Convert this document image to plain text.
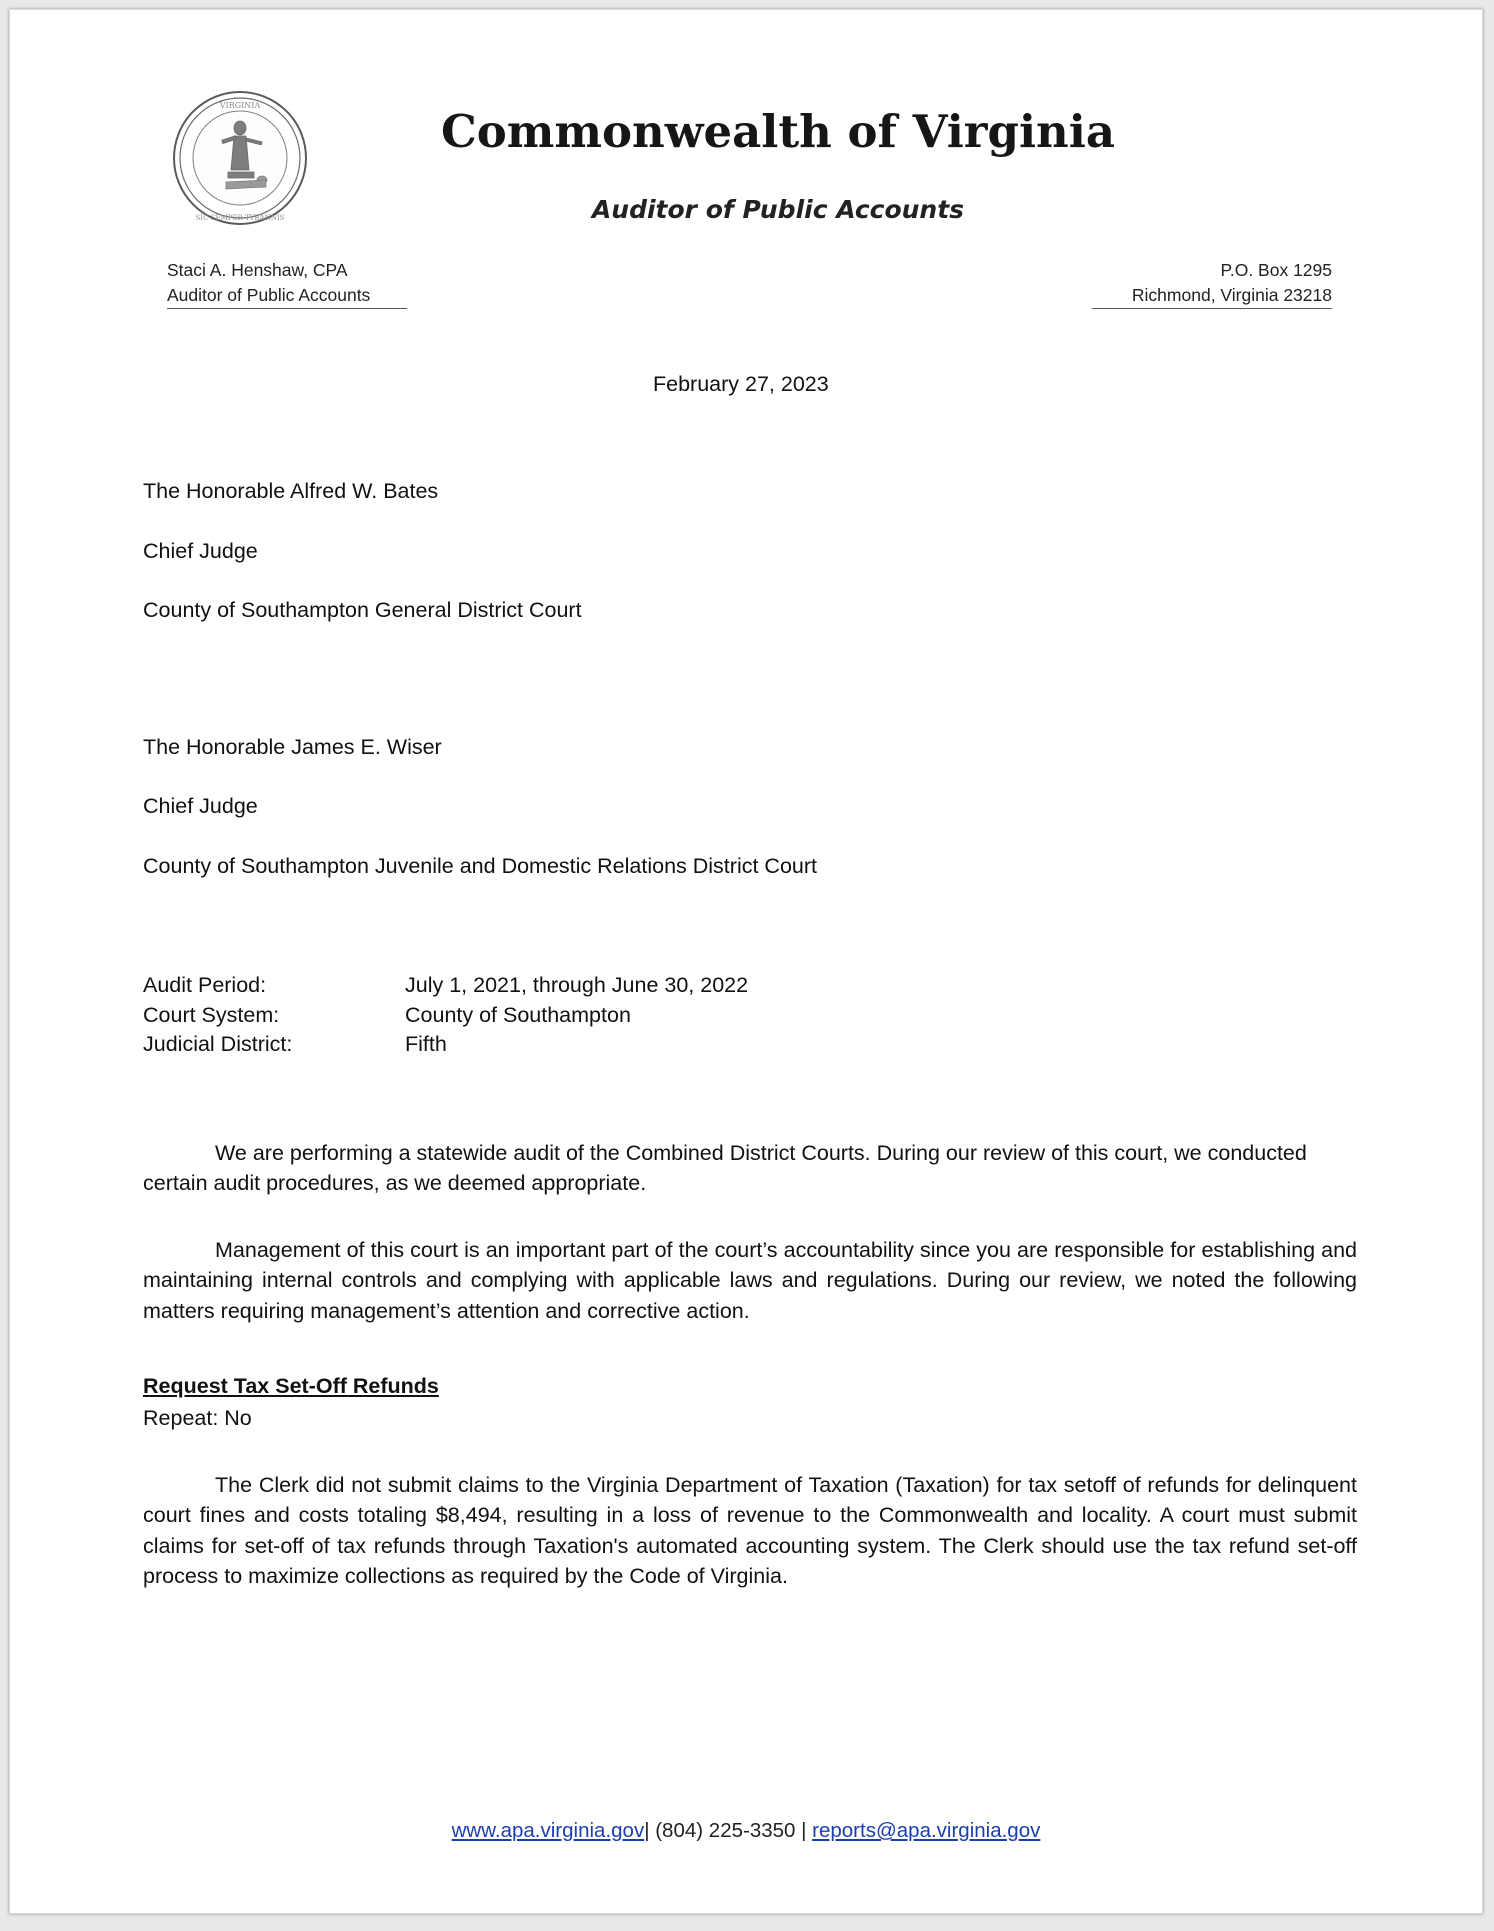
VIRGINIA
SIC SEMPER TYRANNIS
Commonwealth of Virginia
Auditor of Public Accounts
Staci A. Henshaw, CPA
Auditor of Public Accounts
P.O. Box 1295
Richmond, Virginia 23218
February 27, 2023

The Honorable Alfred W. Bates

Chief Judge

County of Southampton General District Court

The Honorable James E. Wiser

Chief Judge

County of Southampton Juvenile and Domestic Relations District Court

Audit Period:	July 1, 2021, through June 30, 2022
Court System:	County of Southampton
Judicial District:	Fifth

We are performing a statewide audit of the Combined District Courts. During our review of this court, we conducted certain audit procedures, as we deemed appropriate.

Management of this court is an important part of the court’s accountability since you are responsible for establishing and maintaining internal controls and complying with applicable laws and regulations. During our review, we noted the following matters requiring management’s attention and corrective action.

Request Tax Set-Off Refunds
Repeat: No

The Clerk did not submit claims to the Virginia Department of Taxation (Taxation) for tax setoff of refunds for delinquent court fines and costs totaling $8,494, resulting in a loss of revenue to the Commonwealth and locality. A court must submit claims for set-off of tax refunds through Taxation's automated accounting system. The Clerk should use the tax refund set-off process to maximize collections as required by the Code of Virginia.

www.apa.virginia.gov| (804) 225-3350 | reports@apa.virginia.gov
